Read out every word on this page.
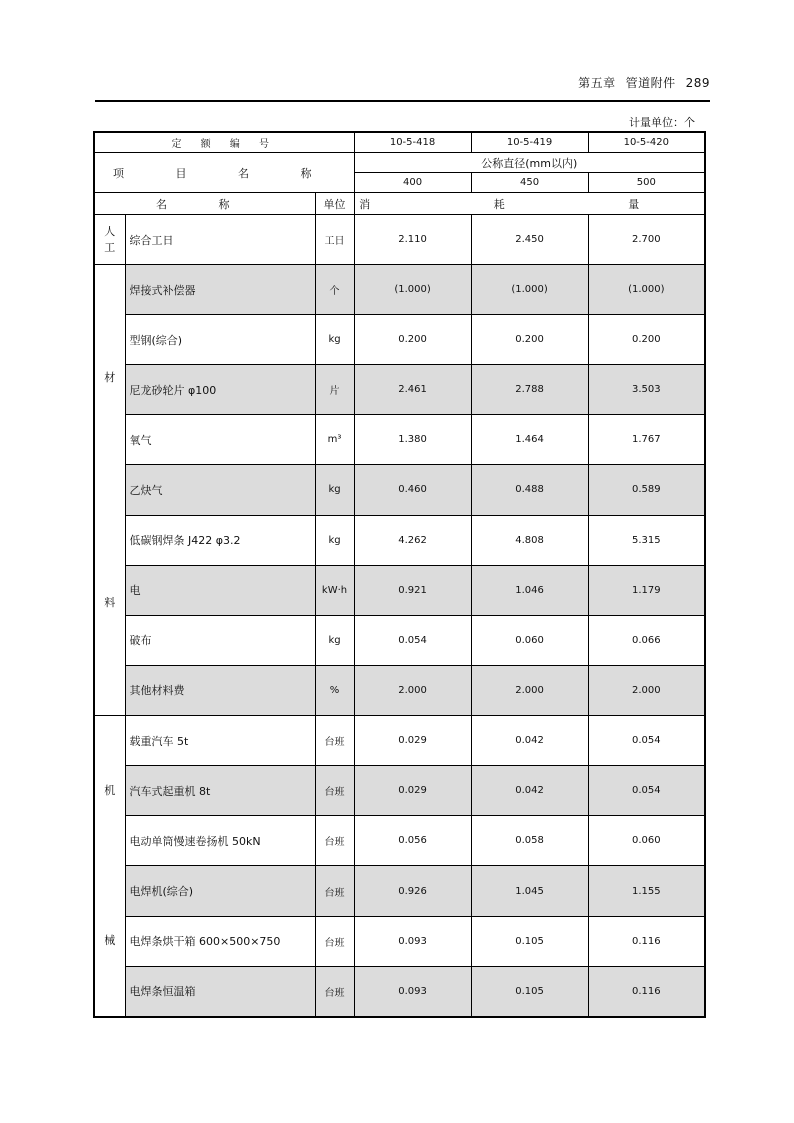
第五章 管道附件 289
计量单位：个
定 额 编 号			10-5-418	10-5-419	10-5-420
项 目 名 称			公称直径(mm以内)		
			400	450	500
名 称		单位	消 耗 量		

人
工	综合工日	工日	2.110	2.450	2.700

材
料	焊接式补偿器	个	(1.000)	(1.000)	(1.000)
	型钢(综合)	kg	0.200	0.200	0.200
	尼龙砂轮片 φ100	片	2.461	2.788	3.503
	氧气	m³	1.380	1.464	1.767
	乙炔气	kg	0.460	0.488	0.589
	低碳钢焊条 J422 φ3.2	kg	4.262	4.808	5.315
	电	kW·h	0.921	1.046	1.179
	破布	kg	0.054	0.060	0.066
	其他材料费	%	2.000	2.000	2.000

机
械	载重汽车 5t	台班	0.029	0.042	0.054
	汽车式起重机 8t	台班	0.029	0.042	0.054
	电动单筒慢速卷扬机 50kN	台班	0.056	0.058	0.060
	电焊机(综合)	台班	0.926	1.045	1.155
	电焊条烘干箱 600×500×750	台班	0.093	0.105	0.116
	电焊条恒温箱	台班	0.093	0.105	0.116
